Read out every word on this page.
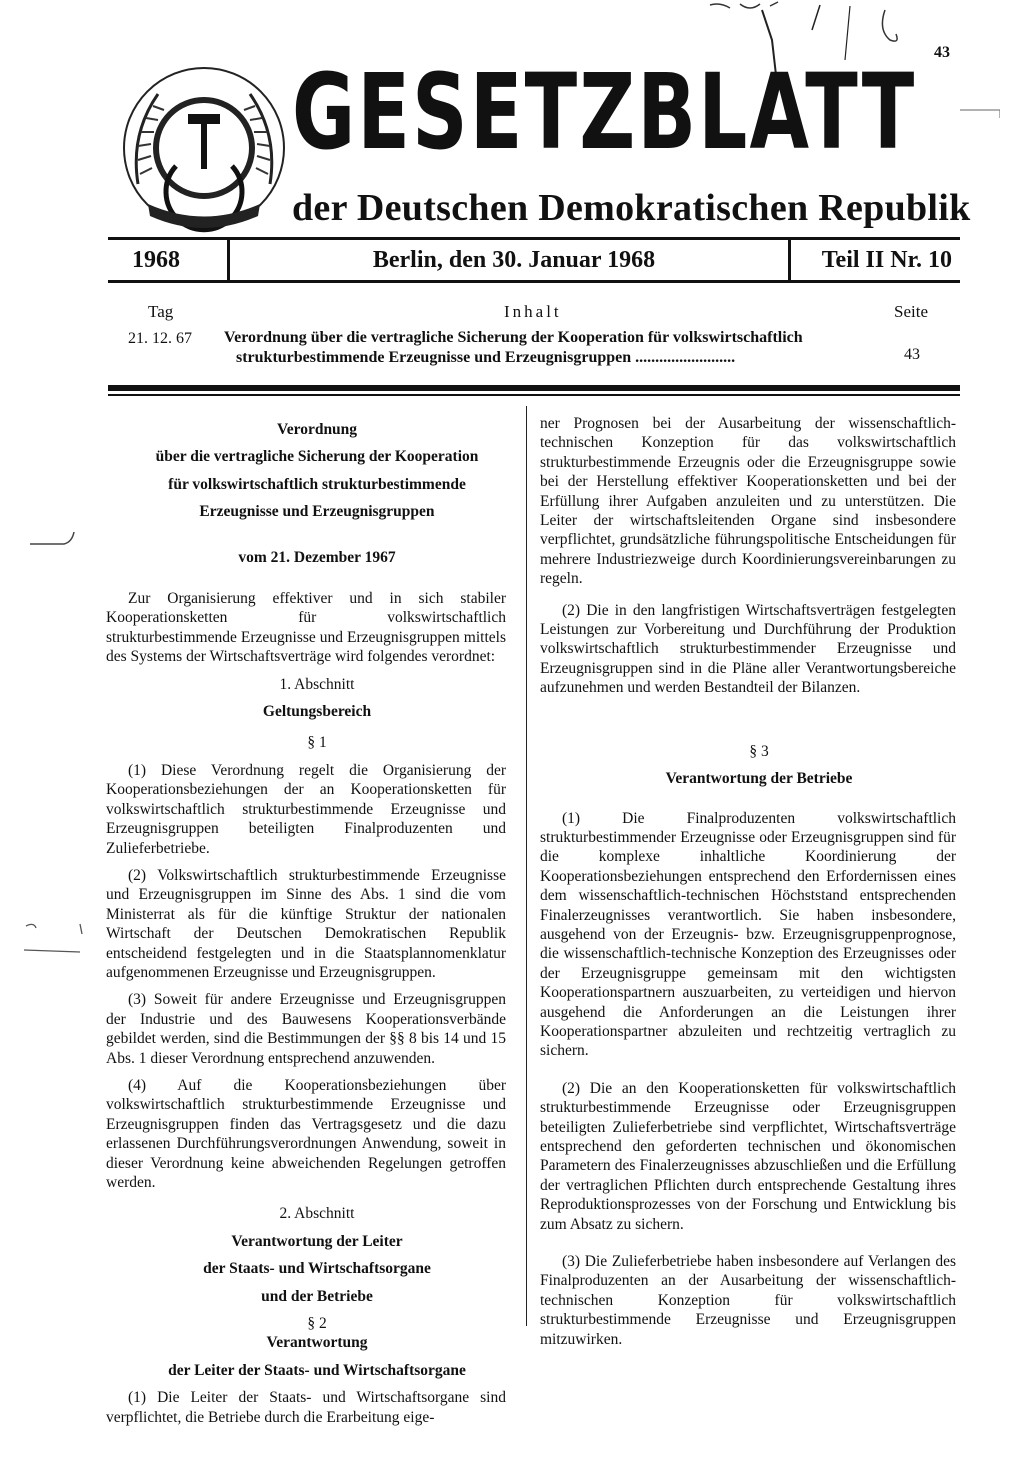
43
GESETZBLATT
der Deutschen Demokratischen Republik
1968	Berlin, den 30. Januar 1968	Teil II Nr. 10
Tag	Inhalt	Seite
21. 12. 67 Verordnung über die vertragliche Sicherung der Kooperation für volkswirtschaftlich
strukturbestimmende Erzeugnisse und Erzeugnisgruppen .........................	43

Verordnung

über die vertragliche Sicherung der Kooperation

für volkswirtschaftlich strukturbestimmende

Erzeugnisse und Erzeugnisgruppen

vom 21. Dezember 1967

Zur Organisierung effektiver und in sich stabiler Kooperationsketten für volkswirtschaftlich strukturbestimmende Erzeugnisse und Erzeugnisgruppen mittels des Systems der Wirtschaftsverträge wird folgendes verordnet:

1. Abschnitt

Geltungsbereich

§ 1

(1) Diese Verordnung regelt die Organisierung der Kooperationsbeziehungen der an Kooperationsketten für volkswirtschaftlich strukturbestimmende Erzeugnisse und Erzeugnisgruppen beteiligten Finalproduzenten und Zulieferbetriebe.

(2) Volkswirtschaftlich strukturbestimmende Erzeugnisse und Erzeugnisgruppen im Sinne des Abs. 1 sind die vom Ministerrat als für die künftige Struktur der nationalen Wirtschaft der Deutschen Demokratischen Republik entscheidend festgelegten und in die Staatsplannomenklatur aufgenommenen Erzeugnisse und Erzeugnisgruppen.

(3) Soweit für andere Erzeugnisse und Erzeugnisgruppen der Industrie und des Bauwesens Kooperationsverbände gebildet werden, sind die Bestimmungen der §§ 8 bis 14 und 15 Abs. 1 dieser Verordnung entsprechend anzuwenden.

(4) Auf die Kooperationsbeziehungen über volkswirtschaftlich strukturbestimmende Erzeugnisse und Erzeugnisgruppen finden das Vertragsgesetz und die dazu erlassenen Durchführungsverordnungen Anwendung, soweit in dieser Verordnung keine abweichenden Regelungen getroffen werden.

2. Abschnitt

Verantwortung der Leiter

der Staats- und Wirtschaftsorgane

und der Betriebe

§ 2

Verantwortung

der Leiter der Staats- und Wirtschaftsorgane

(1) Die Leiter der Staats- und Wirtschaftsorgane sind verpflichtet, die Betriebe durch die Erarbeitung eige-

ner Prognosen bei der Ausarbeitung der wissenschaftlich-technischen Konzeption für das volkswirtschaftlich strukturbestimmende Erzeugnis oder die Erzeugnisgruppe sowie bei der Herstellung effektiver Kooperationsketten und bei der Erfüllung ihrer Aufgaben anzuleiten und zu unterstützen. Die Leiter der wirtschaftsleitenden Organe sind insbesondere verpflichtet, grundsätzliche führungspolitische Entscheidungen für mehrere Industriezweige durch Koordinierungsvereinbarungen zu regeln.

(2) Die in den langfristigen Wirtschaftsverträgen festgelegten Leistungen zur Vorbereitung und Durchführung der Produktion volkswirtschaftlich strukturbestimmender Erzeugnisse und Erzeugnisgruppen sind in die Pläne aller Verantwortungsbereiche aufzunehmen und werden Bestandteil der Bilanzen.

§ 3

Verantwortung der Betriebe

(1) Die Finalproduzenten volkswirtschaftlich strukturbestimmender Erzeugnisse oder Erzeugnisgruppen sind für die komplexe inhaltliche Koordinierung der Kooperationsbeziehungen entsprechend den Erfordernissen eines dem wissenschaftlich-technischen Höchststand entsprechenden Finalerzeugnisses verantwortlich. Sie haben insbesondere, ausgehend von der Erzeugnis- bzw. Erzeugnisgruppenprognose, die wissenschaftlich-technische Konzeption des Erzeugnisses oder der Erzeugnisgruppe gemeinsam mit den wichtigsten Kooperationspartnern auszuarbeiten, zu verteidigen und hiervon ausgehend die Anforderungen an die Leistungen ihrer Kooperationspartner abzuleiten und rechtzeitig vertraglich zu sichern.

(2) Die an den Kooperationsketten für volkswirtschaftlich strukturbestimmende Erzeugnisse oder Erzeugnisgruppen beteiligten Zulieferbetriebe sind verpflichtet, Wirtschaftsverträge entsprechend den geforderten technischen und ökonomischen Parametern des Finalerzeugnisses abzuschließen und die Erfüllung der vertraglichen Pflichten durch entsprechende Gestaltung ihres Reproduktionsprozesses von der Forschung und Entwicklung bis zum Absatz zu sichern.

(3) Die Zulieferbetriebe haben insbesondere auf Verlangen des Finalproduzenten an der Ausarbeitung der wissenschaftlich-technischen Konzeption für volkswirtschaftlich strukturbestimmende Erzeugnisse und Erzeugnisgruppen mitzuwirken.
